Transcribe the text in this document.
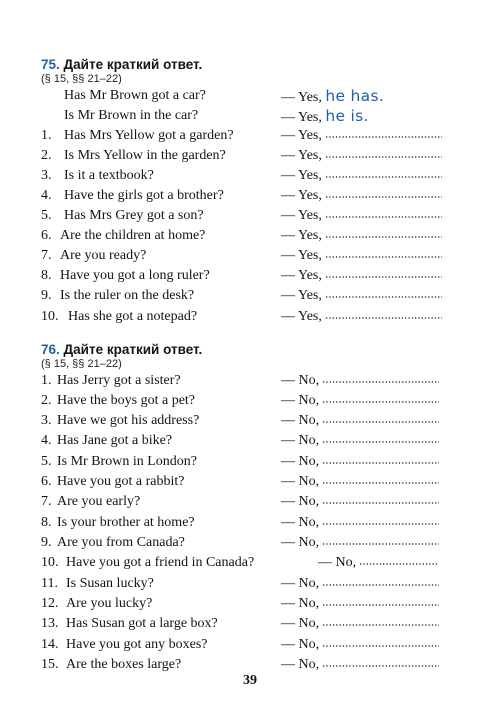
75. Дайте краткий ответ.
(§ 15, §§ 21–22)
Has Mr Brown got a car?	— Yes, he has.
Is Mr Brown in the car?	— Yes, he is.
1. Has Mrs Yellow got a garden?	— Yes,
2. Is Mrs Yellow in the garden?	— Yes,
3. Is it a textbook?	— Yes,
4. Have the girls got a brother?	— Yes,
5. Has Mrs Grey got a son?	— Yes,
6. Are the children at home?	— Yes,
7. Are you ready?	— Yes,
8. Have you got a long ruler?	— Yes,
9. Is the ruler on the desk?	— Yes,
10. Has she got a notepad?	— Yes,
76. Дайте краткий ответ.
(§ 15, §§ 21–22)
1. Has Jerry got a sister?	— No,
2. Have the boys got a pet?	— No,
3. Have we got his address?	— No,
4. Has Jane got a bike?	— No,
5. Is Mr Brown in London?	— No,
6. Have you got a rabbit?	— No,
7. Are you early?	— No,
8. Is your brother at home?	— No,
9. Are you from Canada?	— No,
10. Have you got a friend in Canada?	— No,
11. Is Susan lucky?	— No,
12. Are you lucky?	— No,
13. Has Susan got a large box?	— No,
14. Have you got any boxes?	— No,
15. Are the boxes large?	— No,
39
